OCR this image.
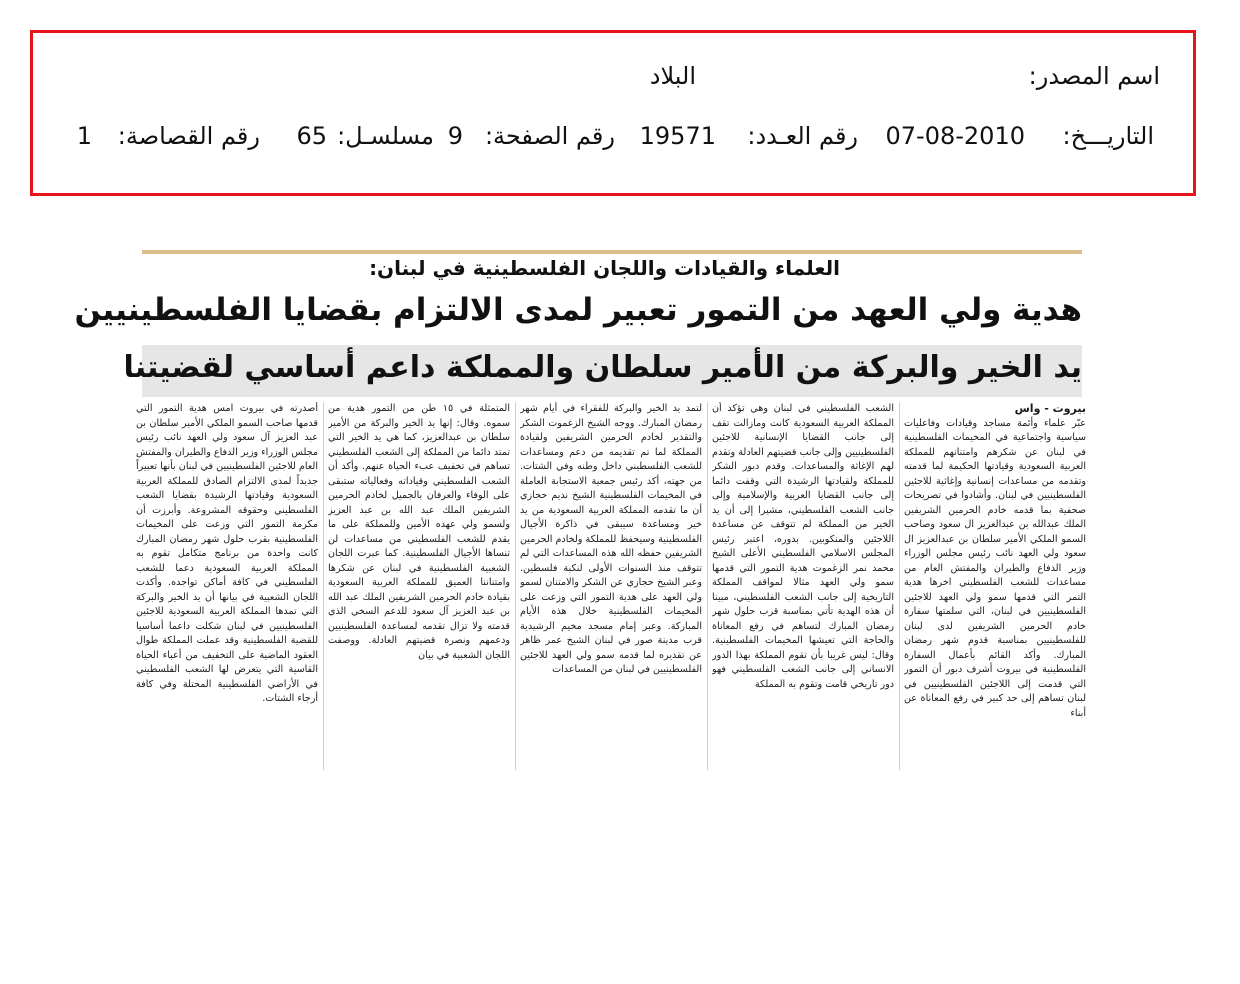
اسم المصدر:
البلاد
التاريـــخ:
07-08-2010
رقم العـدد:
19571
رقم الصفحة:
9
مسلسـل:
65
رقم القصاصة:
1
العلماء والقيادات واللجان الفلسطينية في لبنان:
هدية ولي العهد من التمور تعبير لمدى الالتزام بقضايا الفلسطينيين
يد الخير والبركة من الأمير سلطان والمملكة داعم أساسي لقضيتنا
بيروت - واس
عبّر علماء وأئمة مساجد وقيادات وفاعليات سياسية واجتماعية في المخيمات الفلسطينية في لبنان عن شكرهم وامتنانهم للمملكة العربية السعودية وقيادتها الحكيمة لما قدمته وتقدمه من مساعدات إنسانية وإغاثية للاجئين الفلسطينيين في لبنان. وأشادوا في تصريحات صحفية بما قدمه خادم الحرمين الشريفين الملك عبدالله بن عبدالعزيز ال سعود وصاحب السمو الملكي الأمير سلطان بن عبدالعزيز ال سعود ولي العهد نائب رئيس مجلس الوزراء وزير الدفاع والطيران والمفتش العام من مساعدات للشعب الفلسطيني اخرها هدية التمر التي قدمها سمو ولي العهد للاجئين الفلسطينيين في لبنان، التي سلمتها سفارة خادم الحرمين الشريفين لدى لبنان للفلسطينيين بمناسبة قدوم شهر رمضان المبارك. وأكد القائم بأعمال السفارة الفلسطينية في بيروت أشرف دبور أن التمور التي قدمت إلى اللاجئين الفلسطينيين في لبنان تساهم إلى حد كبير في رفع المعاناة عن أبناء
الشعب الفلسطيني في لبنان وهي تؤكد أن المملكة العربية السعودية كانت ومازالت تقف إلى جانب القضايا الإنسانية للاجئين الفلسطينيين وإلى جانب قضيتهم العادلة وتقدم لهم الإغاثة والمساعدات. وقدم دبور الشكر للمملكة ولقيادتها الرشيدة التي وقفت دائما إلى جانب القضايا العربية والإسلامية وإلى جانب الشعب الفلسطيني، مشيرا إلى أن يد الخير من المملكة لم تتوقف عن مساعدة اللاجئين والمنكوبين. بدوره، اعتبر رئيس المجلس الاسلامي الفلسطيني الأعلى الشيخ محمد نمر الزغموت هدية التمور التي قدمها سمو ولي العهد مثالا لمواقف المملكة التاريخية إلى جانب الشعب الفلسطيني، مبينا أن هذه الهدية تأتي بمناسبة قرب حلول شهر رمضان المبارك لتساهم في رفع المعاناة والحاجة التي تعيشها المخيمات الفلسطينية. وقال: ليس غريبا بأن تقوم المملكة بهذا الدور الانساني إلى جانب الشعب الفلسطيني فهو دور تاريخي قامت وتقوم به المملكة
لتمد يد الخير والبركة للفقراء في أيام شهر رمضان المبارك. ووجه الشيخ الزغموت الشكر والتقدير لخادم الحرمين الشريفين ولقيادة المملكة لما تم تقديمه من دعم ومساعدات للشعب الفلسطيني داخل وطنه وفي الشتات. من جهته، أكد رئيس جمعية الاستجابة العاملة في المخيمات الفلسطينية الشيخ نديم حجازي أن ما تقدمه المملكة العربية السعودية من يد خير ومساعدة سيبقى في ذاكرة الأجيال الفلسطينية وسيحفظ للمملكة ولخادم الحرمين الشريفين حفظه الله هذه المساعدات التي لم تتوقف منذ السنوات الأولى لنكبة فلسطين. وعبر الشيخ حجازي عن الشكر والامتنان لسمو ولي العهد على هدية التمور التي وزعت على المخيمات الفلسطينية خلال هذه الأيام المباركة. وعبر إمام مسجد مخيم الرشيدية قرب مدينة صور في لبنان الشيخ عمر ظاهر عن تقديره لما قدمه سمو ولي العهد للاجئين الفلسطينيين في لبنان من المساعدات
المتمثلة في ١٥ طن من التمور هدية من سموه. وقال: إنها يد الخير والبركة من الأمير سلطان بن عبدالعزيز، كما هي يد الخير التي تمتد دائما من المملكة إلى الشعب الفلسطيني تساهم في تخفيف عبء الحياة عنهم. وأكد أن الشعب الفلسطيني وقياداته وفعالياته ستبقى على الوفاء والعرفان بالجميل لخادم الحرمين الشريفين الملك عبد الله بن عبد العزيز ولسمو ولي عهده الأمين وللمملكة على ما يقدم للشعب الفلسطيني من مساعدات لن تنساها الأجيال الفلسطينية. كما عبرت اللجان الشعبية الفلسطينية في لبنان عن شكرها وامتناننا العميق للمملكة العربية السعودية بقيادة خادم الحرمين الشريفين الملك عبد الله بن عبد العزيز آل سعود للدعم السخي الذي قدمته ولا تزال تقدمه لمساعدة الفلسطينيين ودعمهم ونصرة قضيتهم العادلة. ووصفت اللجان الشعبية في بيان
أصدرته في بيروت امس هدية التمور التي قدمها صاحب السمو الملكي الأمير سلطان بن عبد العزيز آل سعود ولي العهد نائب رئيس مجلس الوزراء وزير الدفاع والطيران والمفتش العام للاجئين الفلسطينيين في لبنان بأنها تعبيراً جديداً لمدى الالتزام الصادق للمملكة العربية السعودية وقيادتها الرشيدة بقضايا الشعب الفلسطيني وحقوقه المشروعة. وأبرزت أن مكرمة التمور التي وزعت على المخيمات الفلسطينية بقرب حلول شهر رمضان المبارك كانت واحدة من برنامج متكامل تقوم به المملكة العربية السعودية دعما للشعب الفلسطيني في كافة أماكن تواجده. وأكدت اللجان الشعبية في بيانها أن يد الخير والبركة التي تمدها المملكة العربية السعودية للاجئين الفلسطينيين في لبنان شكلت داعما أساسيا للقضية الفلسطينية وقد عملت المملكة طوال العقود الماضية على التخفيف من أعباء الحياة القاسية التي يتعرض لها الشعب الفلسطيني في الأراضي الفلسطينية المحتلة وفي كافة أرجاء الشتات.
